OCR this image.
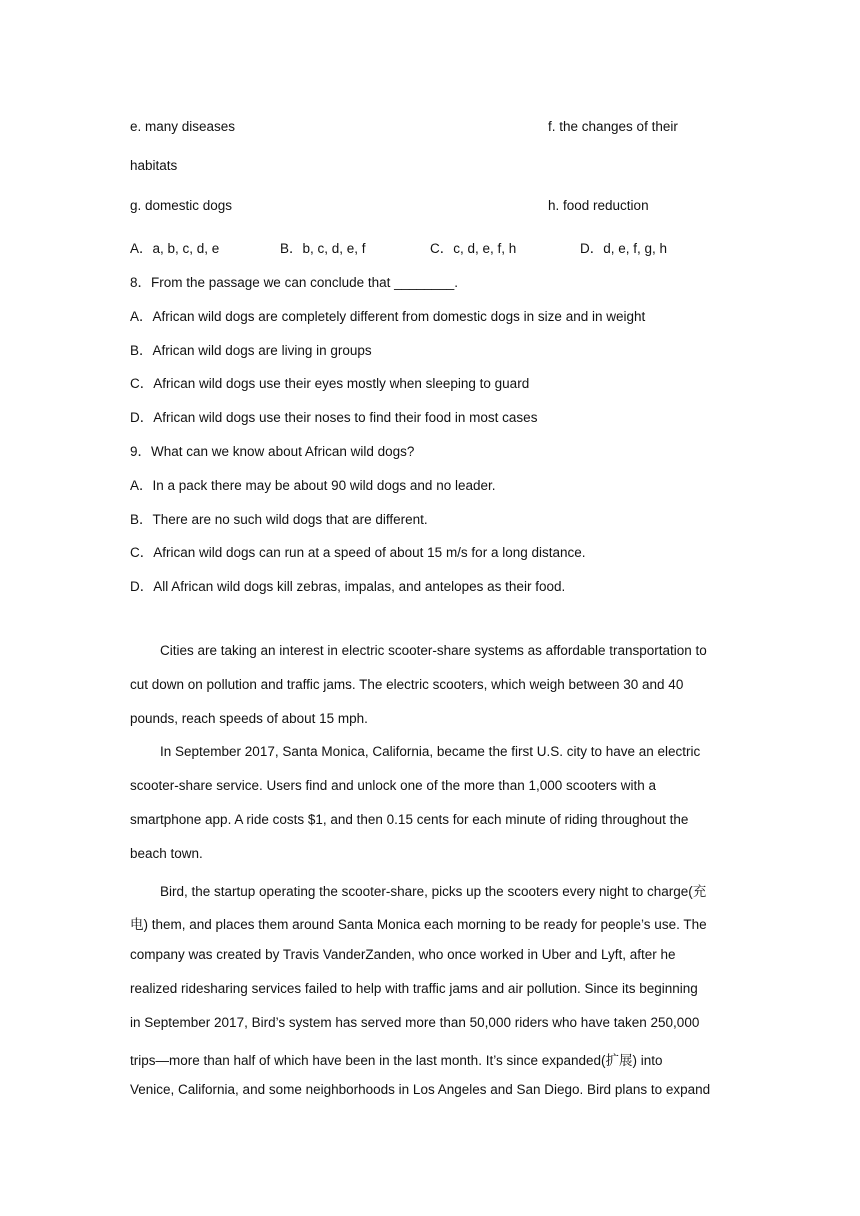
e. many diseases	f. the changes of their
habitats
g. domestic dogs	h. food reduction
A．a, b, c, d, e	B．b, c, d, e, f	C．c, d, e, f, h	D．d, e, f, g, h
8．From the passage we can conclude that ________.
A．African wild dogs are completely different from domestic dogs in size and in weight
B．African wild dogs are living in groups
C．African wild dogs use their eyes mostly when sleeping to guard
D．African wild dogs use their noses to find their food in most cases
9．What can we know about African wild dogs?
A．In a pack there may be about 90 wild dogs and no leader.
B．There are no such wild dogs that are different.
C．African wild dogs can run at a speed of about 15 m/s for a long distance.
D．All African wild dogs kill zebras, impalas, and antelopes as their food.
Cities are taking an interest in electric scooter-share systems as affordable transportation to
cut down on pollution and traffic jams. The electric scooters, which weigh between 30 and 40
pounds, reach speeds of about 15 mph.
In September 2017, Santa Monica, California, became the first U.S. city to have an electric
scooter-share service. Users find and unlock one of the more than 1,000 scooters with a
smartphone app. A ride costs $1, and then 0.15 cents for each minute of riding throughout the
beach town.
Bird, the startup operating the scooter-share, picks up the scooters every night to charge(充
电) them, and places them around Santa Monica each morning to be ready for people’s use. The
company was created by Travis VanderZanden, who once worked in Uber and Lyft, after he
realized ridesharing services failed to help with traffic jams and air pollution. Since its beginning
in September 2017, Bird’s system has served more than 50,000 riders who have taken 250,000
trips—more than half of which have been in the last month. It’s since expanded(扩展) into
Venice, California, and some neighborhoods in Los Angeles and San Diego. Bird plans to expand
